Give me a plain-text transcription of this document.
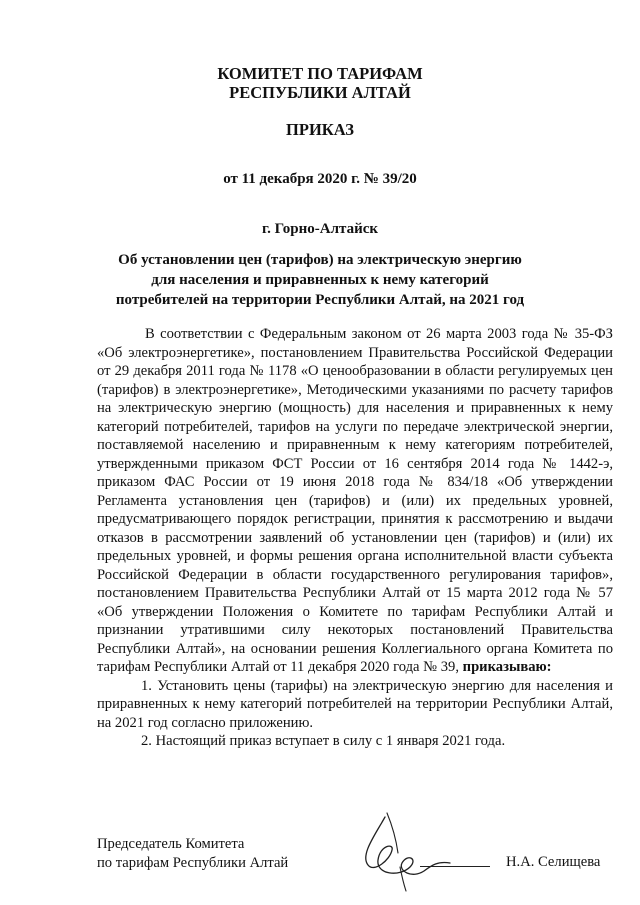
КОМИТЕТ ПО ТАРИФАМ
РЕСПУБЛИКИ АЛТАЙ
ПРИКАЗ
от 11 декабря 2020 г. № 39/20
г. Горно-Алтайск
Об установлении цен (тарифов) на электрическую энергию для населения и приравненных к нему категорий потребителей на территории Республики Алтай, на 2021 год

В соответствии с Федеральным законом от 26 марта 2003 года № 35-ФЗ «Об электроэнергетике», постановлением Правительства Российской Федерации от 29 декабря 2011 года № 1178 «О ценообразовании в области регулируемых цен (тарифов) в электроэнергетике», Методическими указаниями по расчету тарифов на электрическую энергию (мощность) для населения и приравненных к нему категорий потребителей, тарифов на услуги по передаче электрической энергии, поставляемой населению и приравненным к нему категориям потребителей, утвержденными приказом ФСТ России от 16 сентября 2014 года № 1442-э, приказом ФАС России от 19 июня 2018 года № 834/18 «Об утверждении Регламента установления цен (тарифов) и (или) их предельных уровней, предусматривающего порядок регистрации, принятия к рассмотрению и выдачи отказов в рассмотрении заявлений об установлении цен (тарифов) и (или) их предельных уровней, и формы решения органа исполнительной власти субъекта Российской Федерации в области государственного регулирования тарифов», постановлением Правительства Республики Алтай от 15 марта 2012 года № 57 «Об утверждении Положения о Комитете по тарифам Республики Алтай и признании утратившими силу некоторых постановлений Правительства Республики Алтай», на основании решения Коллегиального органа Комитета по тарифам Республики Алтай от 11 декабря 2020 года № 39, приказываю:

1. Установить цены (тарифы) на электрическую энергию для населения и приравненных к нему категорий потребителей на территории Республики Алтай, на 2021 год согласно приложению.

2. Настоящий приказ вступает в силу с 1 января 2021 года.

Председатель Комитета
по тарифам Республики Алтай	Н.А. Селищева
